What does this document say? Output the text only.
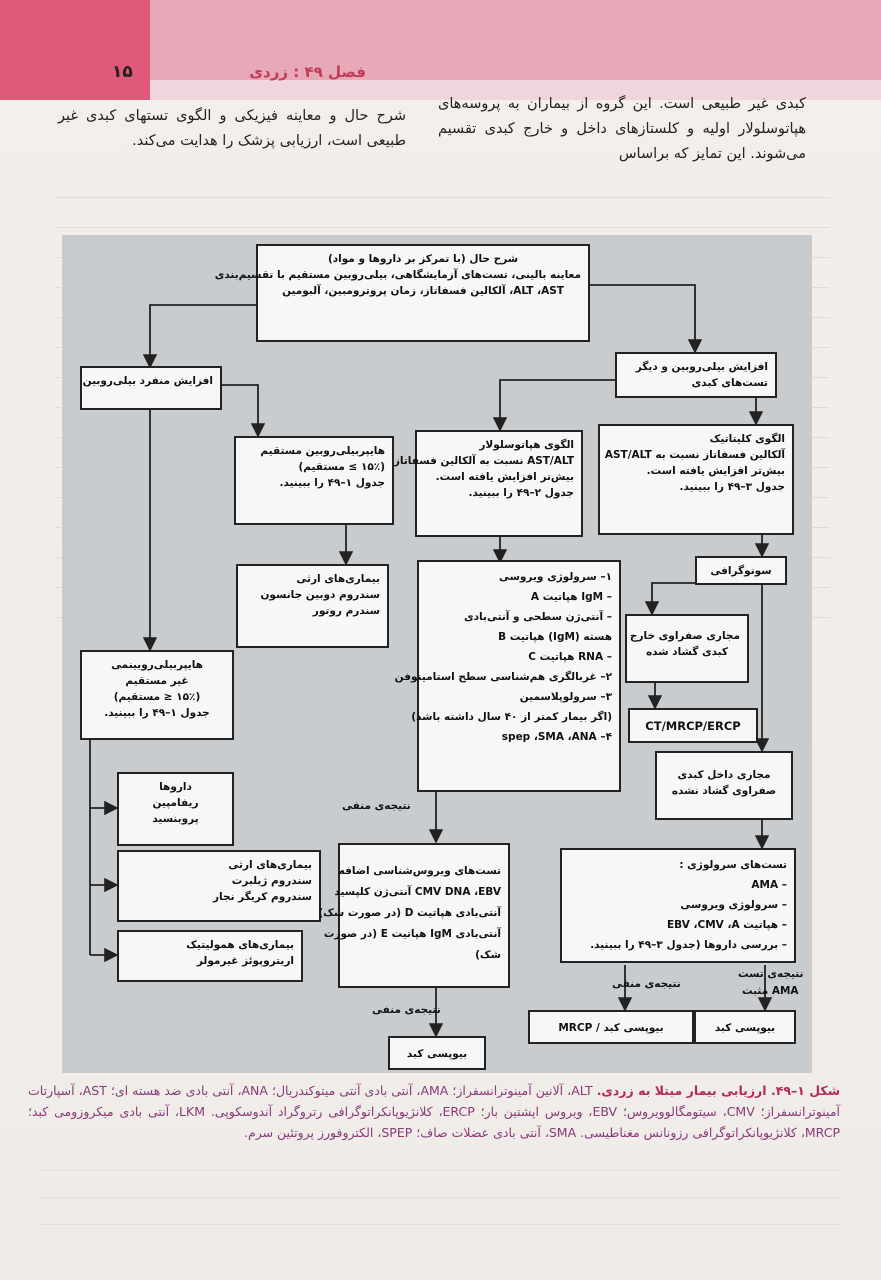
۱۵	فصل ۴۹ : زردی
کبدی غیر طبیعی است. این گروه از بیماران به پروسه‌های هپاتوسلولار اولیه و کلستازهای داخل و خارج کبدی تقسیم می‌شوند. این تمایز که براساس
شرح حال و معاینه فیزیکی و الگوی تستهای کبدی غیر طبیعی است، ارزیابی پزشک را هدایت می‌کند.
شرح حال (با تمرکز بر داروها و مواد)
معاینه بالینی، تست‌های آزمایشگاهی، بیلی‌روبین مستقیم با تقسیم‌بندی
ALT ،AST، آلکالین فسفاتاز، زمان پروترومبین، آلبومین
افزایش منفرد بیلی‌روبین
افزایش بیلی‌روبین و دیگر
تست‌های کبدی
هایپربیلی‌روبین مستقیم
(۱۵٪ ≥ مستقیم)
جدول ۱–۴۹ را ببینید.
الگوی هپاتوسلولار
AST/ALT نسبت به آلکالین فسفاتاز
بیش‌تر افزایش یافته است.
جدول ۲–۴۹ را ببینید.
الگوی کلیتاتیک
آلکالین فسفاتاز نسبت به AST/ALT
بیش‌تر افزایش یافته است.
جدول ۳–۴۹ را ببینید.
بیماری‌های ارثی
سندروم دوبین جانسون
سندرم روتور
۱– سرولوژی ویروسی
– IgM هپاتیت A
– آنتی‌ژن سطحی و آنتی‌بادی
هسته (IgM) هپاتیت B
– RNA هپاتیت C
۲– غربالگری هم‌شناسی سطح استامینوفن
۳– سرولوپلاسمین
(اگر بیمار کمتر از ۴۰ سال داشته باشد)
۴– spep ،SMA ،ANA
سونوگرافی
مجاری صفراوی خارج
کبدی گشاد شده
CT/MRCP/ERCP
هایپربیلی‌روبینمی
غیر مستقیم
(۱۵٪ ≤ مستقیم)
جدول ۱–۴۹ را ببینید.
مجاری داخل کبدی
صفراوی گشاد نشده
داروها
ریفامپین
پروبنسید
بیماری‌های ارثی
سندروم ژیلبرت
سندروم کریگر نجار
بیماری‌های همولیتیک
اریتروپوئز غیرمولر
تست‌های ویروس‌شناسی اضافه
CMV DNA ،EBV آنتی‌ژن کلپسید
آنتی‌بادی هپاتیت D (در صورت شک)
آنتی‌بادی IgM هپاتیت E (در صورت
شک)
تست‌های سرولوژی :
– AMA
– سرولوژی ویروسی
– هپاتیت EBV ،CMV ،A
– بررسی داروها (جدول ۳–۴۹ را ببینید.
نتیجه‌ی منفی
نتیجه‌ی منفی
نتیجه‌ی منفی
نتیجه‌ی تست
AMA مثبت
بیوپسی کبد / MRCP	بیوپسی کبد
بیوپسی کبد
شکل ۱–۴۹. ارزیابی بیمار مبتلا به زردی. ALT، آلانین آمینوترانسفراز؛ AMA، آنتی بادی آنتی میتوکندریال؛ ANA، آنتی بادی ضد هسته ای؛ AST، آسپارتات آمینوترانسفراز؛ CMV، سیتومگالوویروس؛ EBV، ویروس اپشتین بار؛ ERCP، کلانژیوپانکراتوگرافی رتروگراد آندوسکوپی. LKM، آنتی بادی میکروزومی کبد؛ MRCP، کلانژیوپانکراتوگرافی رزونانس مغناطیسی. SMA، آنتی بادی عضلات صاف؛ SPEP، الکتروفورز پروتئین سرم.
